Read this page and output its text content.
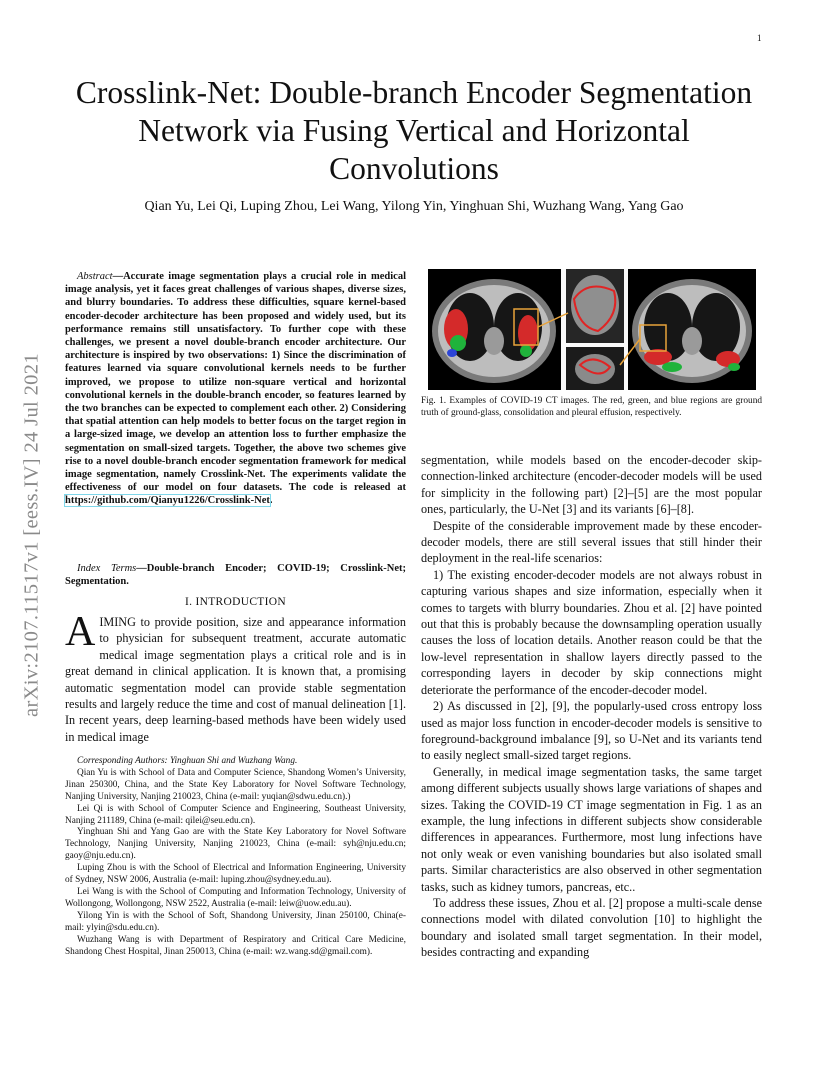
1
arXiv:2107.11517v1 [eess.IV] 24 Jul 2021
Crosslink-Net: Double-branch Encoder Segmentation Network via Fusing Vertical and Horizontal Convolutions
Qian Yu, Lei Qi, Luping Zhou, Lei Wang, Yilong Yin, Yinghuan Shi, Wuzhang Wang, Yang Gao
Abstract—Accurate image segmentation plays a crucial role in medical image analysis, yet it faces great challenges of various shapes, diverse sizes, and blurry boundaries. To address these difficulties, square kernel-based encoder-decoder architecture has been proposed and widely used, but its performance remains still unsatisfactory. To further cope with these challenges, we present a novel double-branch encoder architecture. Our architecture is inspired by two observations: 1) Since the discrimination of features learned via square convolutional kernels needs to be further improved, we propose to utilize non-square vertical and horizontal convolutional kernels in the double-branch encoder, so features learned by the two branches can be expected to complement each other. 2) Considering that spatial attention can help models to better focus on the target region in a large-sized image, we develop an attention loss to further emphasize the segmentation on small-sized targets. Together, the above two schemes give rise to a novel double-branch encoder segmentation framework for medical image segmentation, namely Crosslink-Net. The experiments validate the effectiveness of our model on four datasets. The code is released at https://github.com/Qianyu1226/Crosslink-Net.
Index Terms—Double-branch Encoder; COVID-19; Crosslink-Net; Segmentation.
I. INTRODUCTION
AIMING to provide position, size and appearance information to physician for subsequent treatment, accurate automatic medical image segmentation plays a critical role and is in great demand in clinical application. It is known that, a promising automatic segmentation model can provide stable segmentation results and largely reduce the time and cost of manual delineation [1]. In recent years, deep learning-based methods have been widely used in medical image

Corresponding Authors: Yinghuan Shi and Wuzhang Wang.

Qian Yu is with School of Data and Computer Science, Shandong Women’s University, Jinan 250300, China, and the State Key Laboratory for Novel Software Technology, Nanjing University, Nanjing 210023, China (e-mail: yuqian@sdwu.edu.cn).)

Lei Qi is with School of Computer Science and Engineering, Southeast University, Nanjing 211189, China (e-mail: qilei@seu.edu.cn).

Yinghuan Shi and Yang Gao are with the State Key Laboratory for Novel Software Technology, Nanjing University, Nanjing 210023, China (e-mail: syh@nju.edu.cn; gaoy@nju.edu.cn).

Luping Zhou is with the School of Electrical and Information Engineering, University of Sydney, NSW 2006, Australia (e-mail: luping.zhou@sydney.edu.au).

Lei Wang is with the School of Computing and Information Technology, University of Wollongong, Wollongong, NSW 2522, Australia (e-mail: leiw@uow.edu.au).

Yilong Yin is with the School of Soft, Shandong University, Jinan 250100, China(e-mail: ylyin@sdu.edu.cn).

Wuzhang Wang is with Department of Respiratory and Critical Care Medicine, Shandong Chest Hospital, Jinan 250013, China (e-mail: wz.wang.sd@gmail.com).

Fig. 1. Examples of COVID-19 CT images. The red, green, and blue regions are ground truth of ground-glass, consolidation and pleural effusion, respectively.

segmentation, while models based on the encoder-decoder skip-connection-linked architecture (encoder-decoder models will be used for simplicity in the following part) [2]–[5] are the most popular ones, particularly, the U-Net [3] and its variants [6]–[8].

Despite of the considerable improvement made by these encoder-decoder models, there are still several issues that still hinder their deployment in the real-life scenarios:

1) The existing encoder-decoder models are not always robust in capturing various shapes and size information, especially when it comes to targets with blurry boundaries. Zhou et al. [2] have pointed out that this is probably because the downsampling operation usually causes the loss of location details. Another reason could be that the low-level representation in shallow layers directly passed to the corresponding layers in decoder by skip connections might deteriorate the performance of the encoder-decoder model.

2) As discussed in [2], [9], the popularly-used cross entropy loss used as major loss function in encoder-decoder models is sensitive to foreground-background imbalance [9], so U-Net and its variants tend to easily neglect small-sized target regions.

Generally, in medical image segmentation tasks, the same target among different subjects usually shows large variations of shapes and sizes. Taking the COVID-19 CT image segmentation in Fig. 1 as an example, the lung infections in different subjects show considerable differences in appearances. Furthermore, most lung infections have not only weak or even vanishing boundaries but also isolated small parts. Similar characteristics are also observed in other segmentation tasks, such as kidney tumors, pancreas, etc..

To address these issues, Zhou et al. [2] propose a multi-scale dense connections model with dilated convolution [10] to highlight the boundary and isolated small target segmentation. In their model, besides contracting and expanding
